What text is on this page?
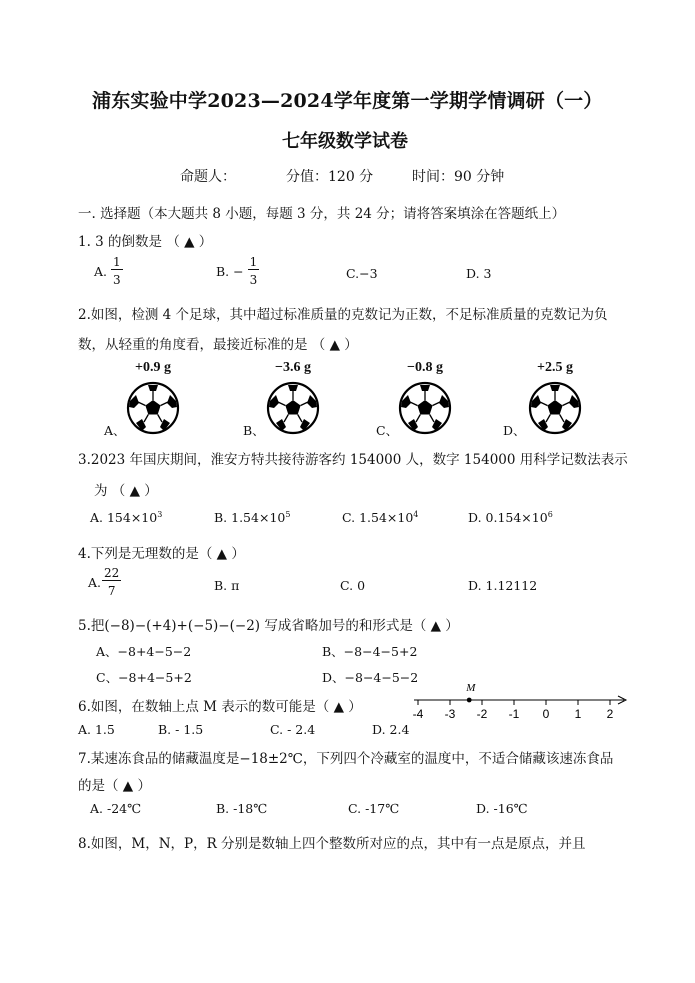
浦东实验中学2023—2024学年度第一学期学情调研（一）
七年级数学试卷
命题人：	分值：120 分	时间：90 分钟
一. 选择题（本大题共 8 小题，每题 3 分，共 24 分；请将答案填涂在答题纸上）
1. 3 的倒数是 （ ▲ ）
A. $\frac{1}{3}$	B. − $\frac{1}{3}$	C.−3	D. 3
2.如图，检测 4 个足球，其中超过标准质量的克数记为正数，不足标准质量的克数记为负
数，从轻重的角度看，最接近标准的是 （ ▲ ）
+0.9 g	−3.6 g	−0.8 g	+2.5 g
A、	B、	C、	D、
3.2023 年国庆期间，淮安方特共接待游客约 154000 人，数字 154000 用科学记数法表示
为 （ ▲ ）
A. $154\times 10^3$	B. $1.54\times 10^5$	C. $1.54\times 10^4$	D. $0.154\times 10^6$
4.下列是无理数的是（ ▲ ）
A. $\frac{22}{7}$	B. π	C. 0	D. 1.12112
5.把(−8)−(+4)+(−5)−(−2) 写成省略加号的和形式是（ ▲ ）
A、−8+4−5−2	B、−8−4−5+2
C、−8+4−5+2	D、−8−4−5−2
6.如图，在数轴上点 M 表示的数可能是（ ▲ ）
A. 1.5	B. - 1.5	C. - 2.4	D. 2.4
-4 -3 -2 -1 0 1 2
M
7.某速冻食品的储藏温度是−18±2℃，下列四个冷藏室的温度中，不适合储藏该速冻食品
的是（ ▲ ）
A. -24℃	B. -18℃	C. -17℃	D. -16℃
8.如图，M，N，P，R 分别是数轴上四个整数所对应的点，其中有一点是原点，并且
